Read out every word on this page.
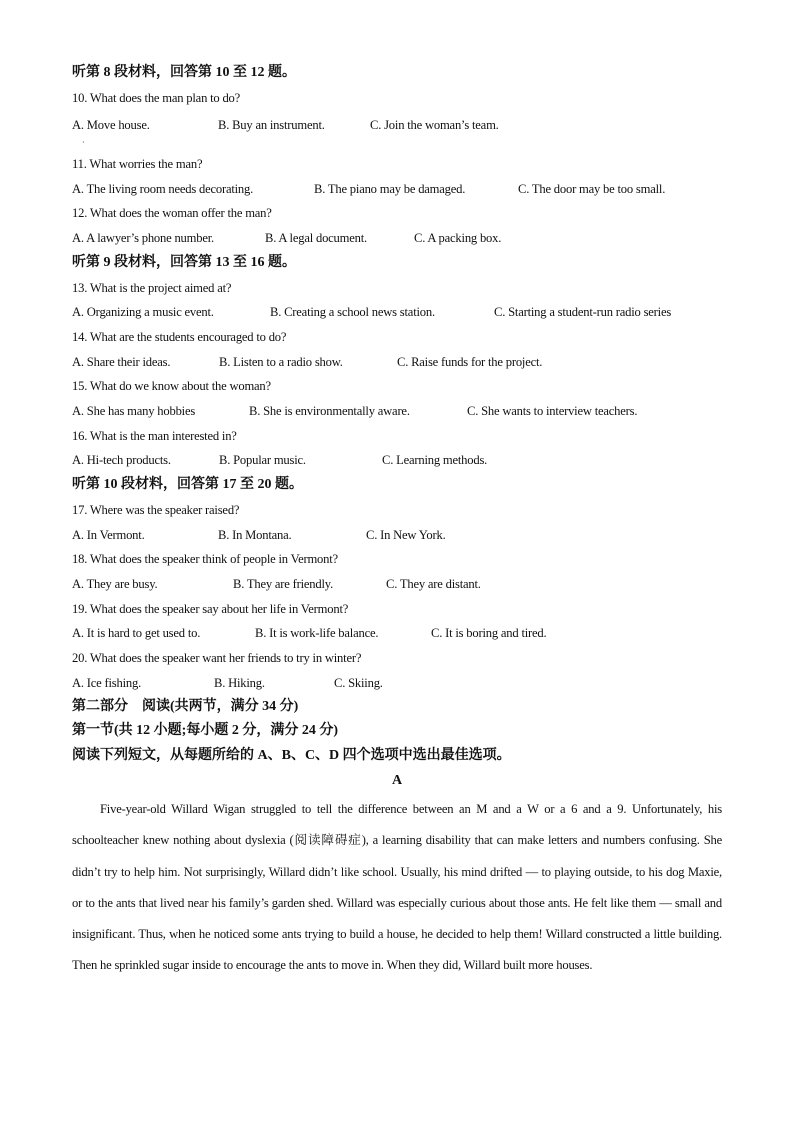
听第 8 段材料，回答第 10 至 12 题。
10. What does the man plan to do?
A. Move house.	B. Buy an instrument.	C. Join the woman’s team.
·
11. What worries the man?
A. The living room needs decorating.	B. The piano may be damaged.	C. The door may be too small.
12. What does the woman offer the man?
A. A lawyer’s phone number.	B. A legal document.	C. A packing box.
听第 9 段材料，回答第 13 至 16 题。
13. What is the project aimed at?
A. Organizing a music event.	B. Creating a school news station.	C. Starting a student-run radio series
14. What are the students encouraged to do?
A. Share their ideas.	B. Listen to a radio show.	C. Raise funds for the project.
15. What do we know about the woman?
A. She has many hobbies	B. She is environmentally aware.	C. She wants to interview teachers.
16. What is the man interested in?
A. Hi-tech products.	B. Popular music.	C. Learning methods.
听第 10 段材料，回答第 17 至 20 题。
17. Where was the speaker raised?
A. In Vermont.	B. In Montana.	C. In New York.
18. What does the speaker think of people in Vermont?
A. They are busy.	B. They are friendly.	C. They are distant.
19. What does the speaker say about her life in Vermont?
A. It is hard to get used to.	B. It is work-life balance.	C. It is boring and tired.
20. What does the speaker want her friends to try in winter?
A. Ice fishing.	B. Hiking.	C. Skiing.
第二部分　阅读(共两节，满分 34 分)
第一节(共 12 小题;每小题 2 分，满分 24 分)
阅读下列短文，从每题所给的 A、B、C、D 四个选项中选出最佳选项。
A
Five-year-old Willard Wigan struggled to tell the difference between an M and a W or a 6 and a 9. Unfortunately, his schoolteacher knew nothing about dyslexia (阅读障碍症), a learning disability that can make letters and numbers confusing. She didn’t try to help him. Not surprisingly, Willard didn’t like school. Usually, his mind drifted — to playing outside, to his dog Maxie, or to the ants that lived near his family’s garden shed. Willard was especially curious about those ants. He felt like them — small and insignificant. Thus, when he noticed some ants trying to build a house, he decided to help them! Willard constructed a little building. Then he sprinkled sugar inside to encourage the ants to move in. When they did, Willard built more houses.
